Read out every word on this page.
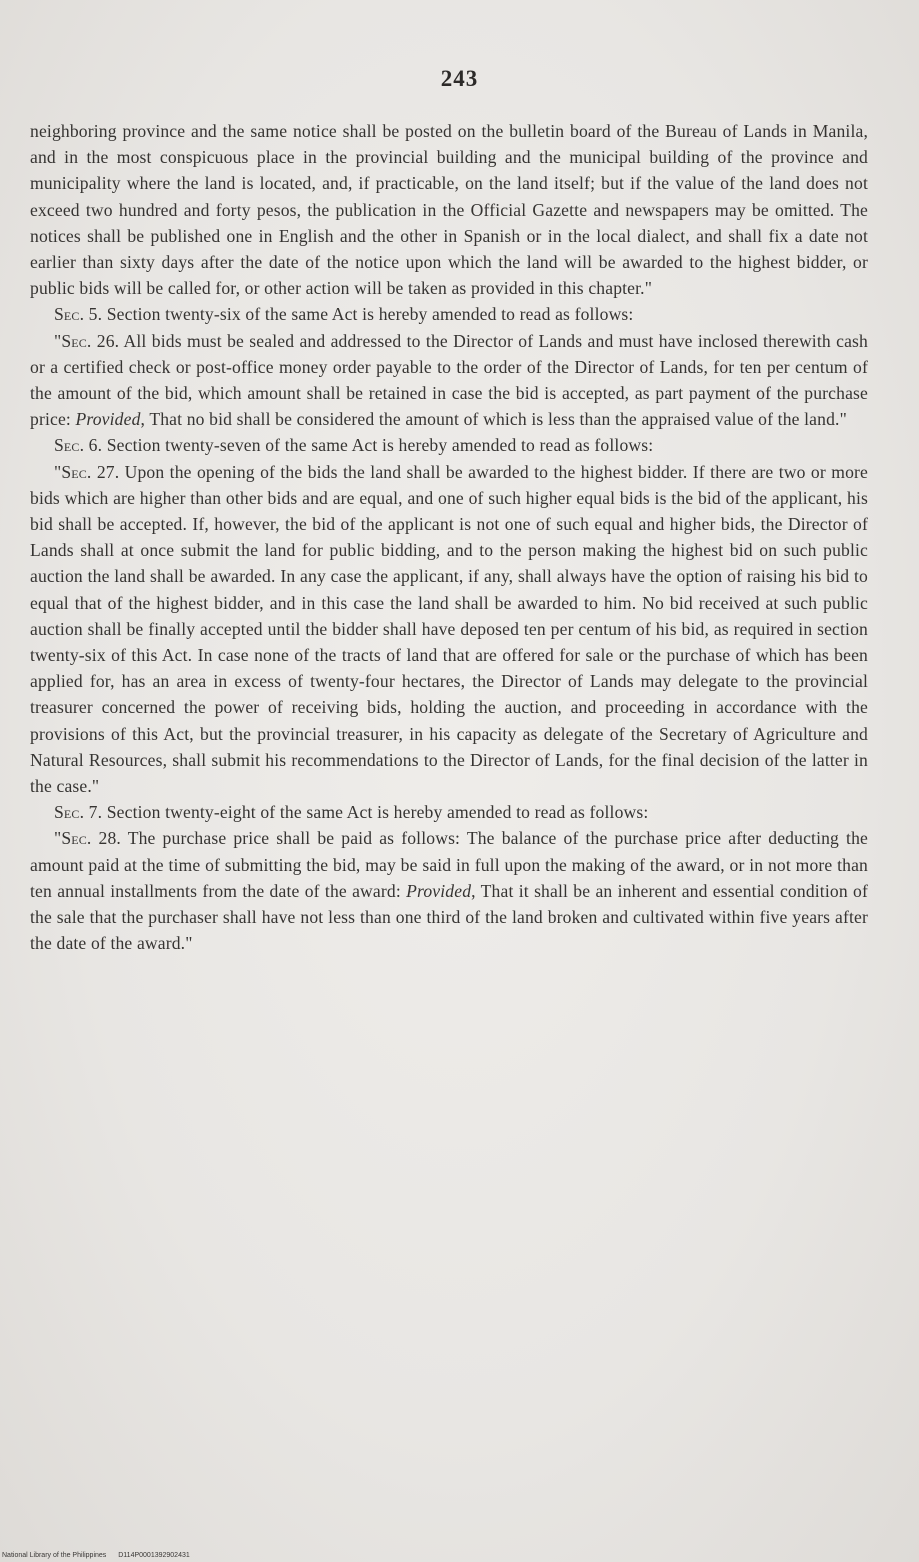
243

neighboring province and the same notice shall be posted on the bulletin board of the Bureau of Lands in Manila, and in the most conspicuous place in the provincial building and the municipal building of the province and municipality where the land is located, and, if practicable, on the land itself; but if the value of the land does not exceed two hundred and forty pesos, the publication in the Official Gazette and newspapers may be omitted. The notices shall be published one in English and the other in Spanish or in the local dialect, and shall fix a date not earlier than sixty days after the date of the notice upon which the land will be awarded to the highest bidder, or public bids will be called for, or other action will be taken as provided in this chapter."

Sec. 5. Section twenty-six of the same Act is hereby amended to read as follows:

"Sec. 26. All bids must be sealed and addressed to the Director of Lands and must have inclosed therewith cash or a certified check or post-office money order payable to the order of the Director of Lands, for ten per centum of the amount of the bid, which amount shall be retained in case the bid is accepted, as part payment of the purchase price: Provided, That no bid shall be considered the amount of which is less than the appraised value of the land."

Sec. 6. Section twenty-seven of the same Act is hereby amended to read as follows:

"Sec. 27. Upon the opening of the bids the land shall be awarded to the highest bidder. If there are two or more bids which are higher than other bids and are equal, and one of such higher equal bids is the bid of the applicant, his bid shall be accepted. If, however, the bid of the applicant is not one of such equal and higher bids, the Director of Lands shall at once submit the land for public bidding, and to the person making the highest bid on such public auction the land shall be awarded. In any case the applicant, if any, shall always have the option of raising his bid to equal that of the highest bidder, and in this case the land shall be awarded to him. No bid received at such public auction shall be finally accepted until the bidder shall have deposed ten per centum of his bid, as required in section twenty-six of this Act. In case none of the tracts of land that are offered for sale or the purchase of which has been applied for, has an area in excess of twenty-four hectares, the Director of Lands may delegate to the provincial treasurer concerned the power of receiving bids, holding the auction, and proceeding in accordance with the provisions of this Act, but the provincial treasurer, in his capacity as delegate of the Secretary of Agriculture and Natural Resources, shall submit his recommendations to the Director of Lands, for the final decision of the latter in the case."

Sec. 7. Section twenty-eight of the same Act is hereby amended to read as follows:

"Sec. 28. The purchase price shall be paid as follows: The balance of the purchase price after deducting the amount paid at the time of submitting the bid, may be said in full upon the making of the award, or in not more than ten annual installments from the date of the award: Provided, That it shall be an inherent and essential condition of the sale that the purchaser shall have not less than one third of the land broken and cultivated within five years after the date of the award."

National Library of the Philippines D114P0001392902431
